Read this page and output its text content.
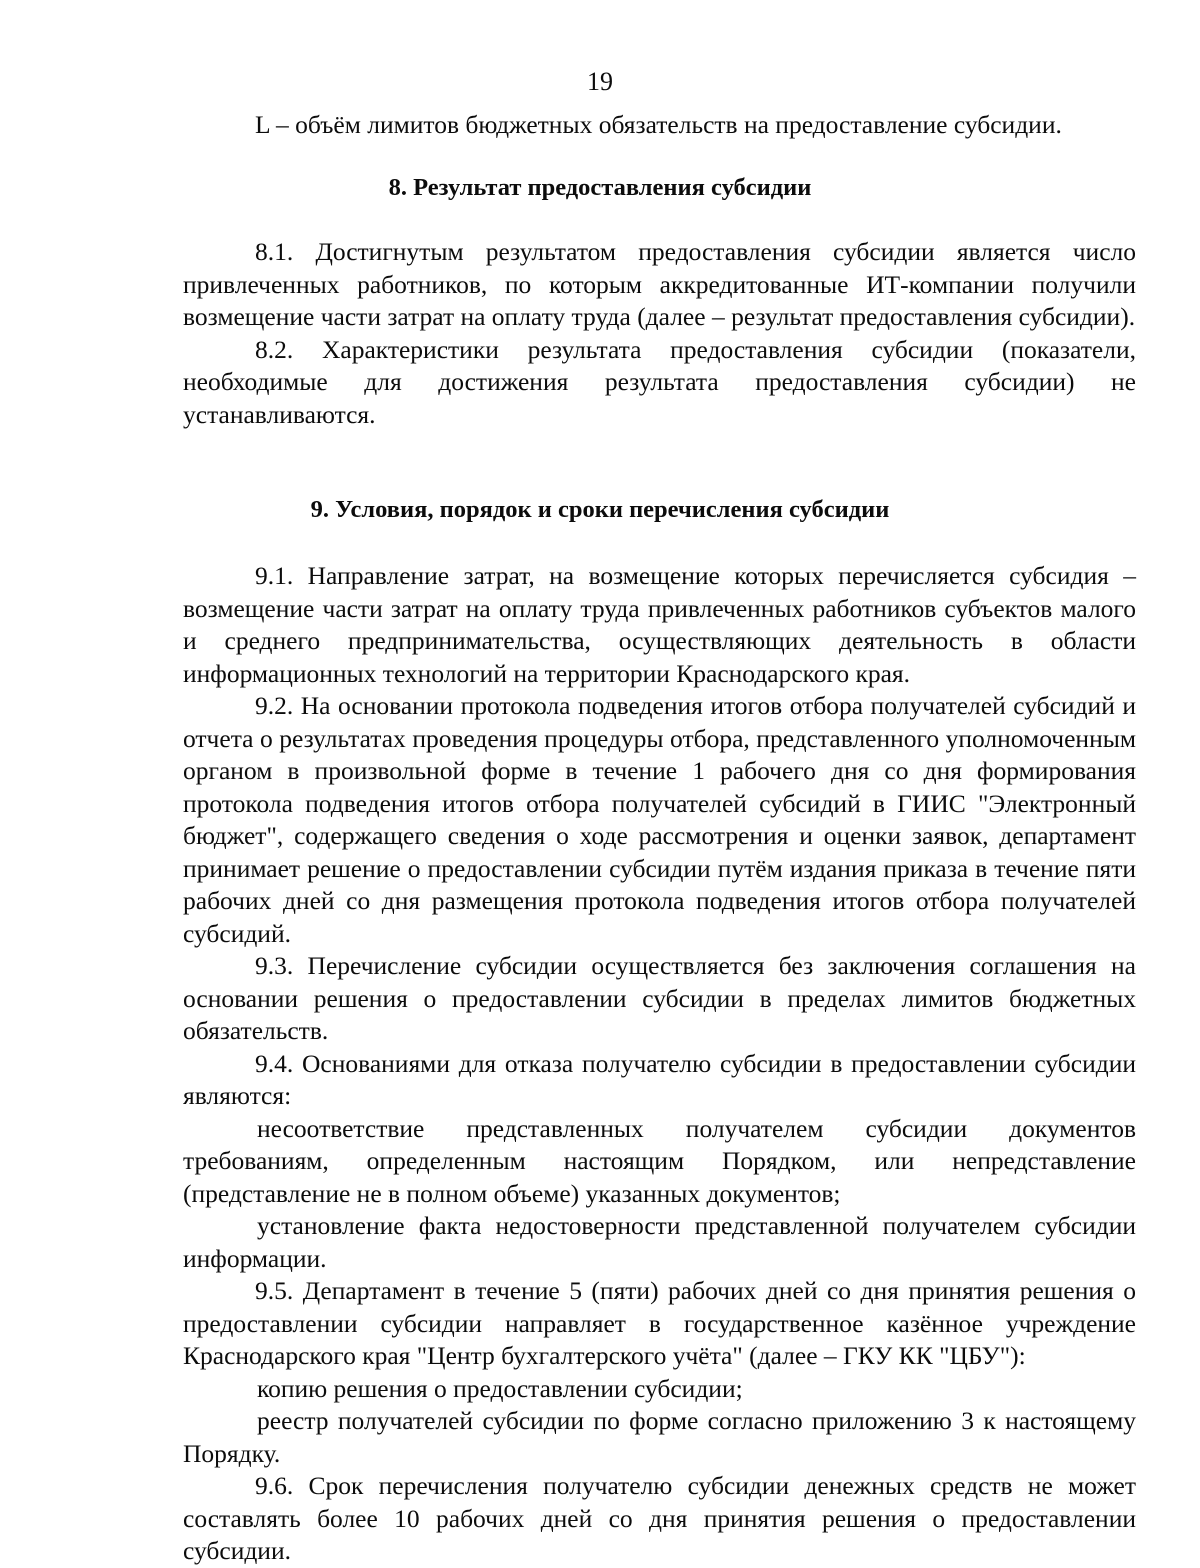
19

L – объём лимитов бюджетных обязательств на предоставление субсидии.

8. Результат предоставления субсидии

8.1. Достигнутым результатом предоставления субсидии является число привлеченных работников, по которым аккредитованные ИТ-компании получили возмещение части затрат на оплату труда (далее – результат предоставления субсидии).

8.2. Характеристики результата предоставления субсидии (показатели, необходимые для достижения результата предоставления субсидии) не устанавливаются.

9. Условия, порядок и сроки перечисления субсидии

9.1. Направление затрат, на возмещение которых перечисляется субсидия – возмещение части затрат на оплату труда привлеченных работников субъектов малого и среднего предпринимательства, осуществляющих деятельность в области информационных технологий на территории Краснодарского края.

9.2. На основании протокола подведения итогов отбора получателей субсидий и отчета о результатах проведения процедуры отбора, представленного уполномоченным органом в произвольной форме в течение 1 рабочего дня со дня формирования протокола подведения итогов отбора получателей субсидий в ГИИС "Электронный бюджет", содержащего сведения о ходе рассмотрения и оценки заявок, департамент принимает решение о предоставлении субсидии путём издания приказа в течение пяти рабочих дней со дня размещения протокола подведения итогов отбора получателей субсидий.

9.3. Перечисление субсидии осуществляется без заключения соглашения на основании решения о предоставлении субсидии в пределах лимитов бюджетных обязательств.

9.4. Основаниями для отказа получателю субсидии в предоставлении субсидии являются:

несоответствие представленных получателем субсидии документов требованиям, определенным настоящим Порядком, или непредставление (представление не в полном объеме) указанных документов;

установление факта недостоверности представленной получателем субсидии информации.

9.5. Департамент в течение 5 (пяти) рабочих дней со дня принятия решения о предоставлении субсидии направляет в государственное казённое учреждение Краснодарского края "Центр бухгалтерского учёта" (далее – ГКУ КК "ЦБУ"):

копию решения о предоставлении субсидии;

реестр получателей субсидии по форме согласно приложению 3 к настоящему Порядку.

9.6. Срок перечисления получателю субсидии денежных средств не может составлять более 10 рабочих дней со дня принятия решения о предоставлении субсидии.
